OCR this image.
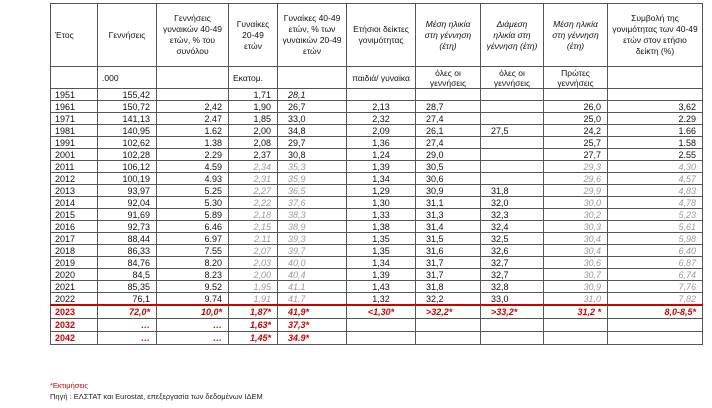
Έτος	Γεννήσεις	Γεννήσεις γυναικών 40-49 ετών, % του συνόλου	Γυναίκες 20-49 ετών	Γυναίκες 40-49 ετών, % των γυναικών 20-49 ετών	Ετήσιοι δείκτες γονιμότητας	Μέση ηλικία στη γέννηση (έτη)	Διάμεση ηλικία στη γέννηση (έτη)	Μέση ηλικία στη γέννηση (έτη)	Συμβολή της γονιμότητας των 40-49 ετών στον ετήσιο δείκτη (%)
	.000		Εκατομ.		παιδιά/ γυναίκα	όλες οι γεννήσεις	όλες οι γεννήσεις	Πρώτες γεννήσεις	
1951	155,42		1,71	28,1					
1961	150,72	2,42	1,90	26,7	2,13	28,7		26,0	3,62
1971	141,13	2.47	1,85	33,0	2,32	27,4		25,0	2.29
1981	140,95	1.62	2,00	34,8	2,09	26,1	27,5	24,2	1.66
1991	102,62	1.38	2,08	29,7	1,36	27,4		25,7	1.58
2001	102,28	2.29	2,37	30,8	1,24	29,0		27,7	2.55
2011	106,12	4.59	2,34	35,3	1,39	30,5		29,3	4,30
2012	100,19	4.93	2,31	35,9	1,34	30,6		29,6	4,57
2013	93,97	5.25	2,27	36,5	1,29	30,9	31,8	29,9	4,83
2014	92,04	5.30	2,22	37,6	1,30	31,1	32,0	30,0	4,78
2015	91,69	5.89	2,18	38,3	1,33	31,3	32,3	30,2	5,23
2016	92,73	6.46	2,15	38,9	1,38	31,4	32,4	30,3	5,61
2017	88,44	6.97	2,11	39,3	1,35	31,5	32,5	30,4	5,98
2018	86,33	7.55	2,07	39,7	1,35	31,6	32,6	30,4	6,40
2019	84,76	8.20	2,03	40,0	1,34	31,7	32,7	30,6	6,87
2020	84,5	8.23	2,00	40,4	1,39	31,7	32,7	30,7	6,74
2021	85,35	9.52	1,95	41,1	1,43	31,8	32,8	30,9	7,76
2022	76,1	9.74	1,91	41,7	1,32	32,2	33,0	31,0	7,82
2023	72,0*	10,0*	1,87*	41,9*	<1,30*	>32,2*	>33,2*	31,2 *	8,0-8,5*
2032	…	…	1,63*	37,3*					
2042	…	…	1,45*	34.9*					
*Εκτιμήσεις
Πηγή : ΕΛΣΤΑΤ και Eurostat, επεξεργασία των δεδομένων ΙΔΕΜ
